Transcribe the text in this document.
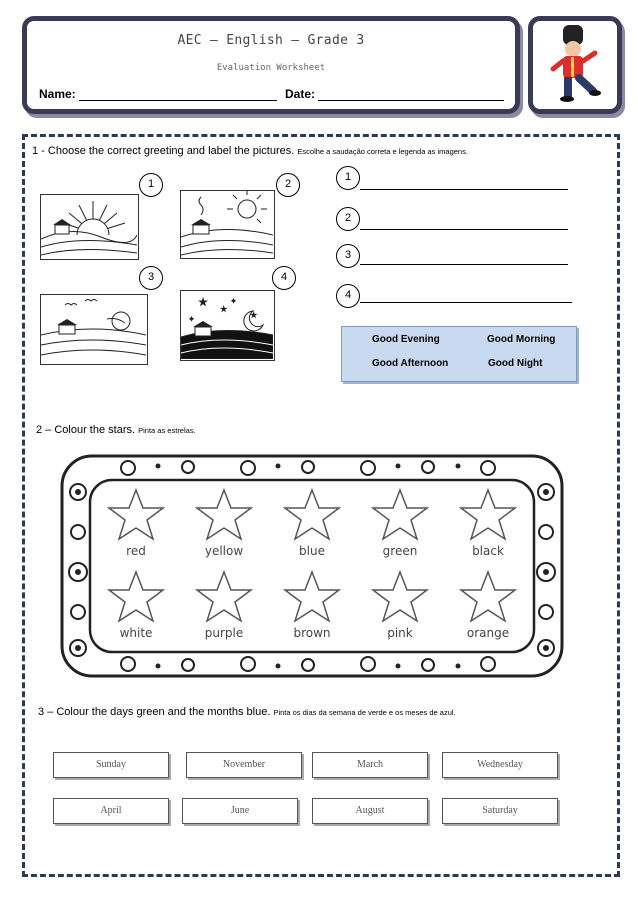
AEC – English – Grade 3
Evaluation Worksheet
Name:	Date:
1 - Choose the correct greeting and label the pictures. Escolhe a saudação correta e legenda as imagens.
1	2
3	4
★
★
✦
★
✦
1
2
3
4
Good Evening	Good Morning
Good Afternoon	Good Night
2 – Colour the stars. Pinta as estrelas.
red	yellow	blue	green	black
white	purple	brown	pink	orange
3 – Colour the days green and the months blue. Pinta os dias da semana de verde e os meses de azul.
Sunday	November	March	Wednesday
April	June	August	Saturday
